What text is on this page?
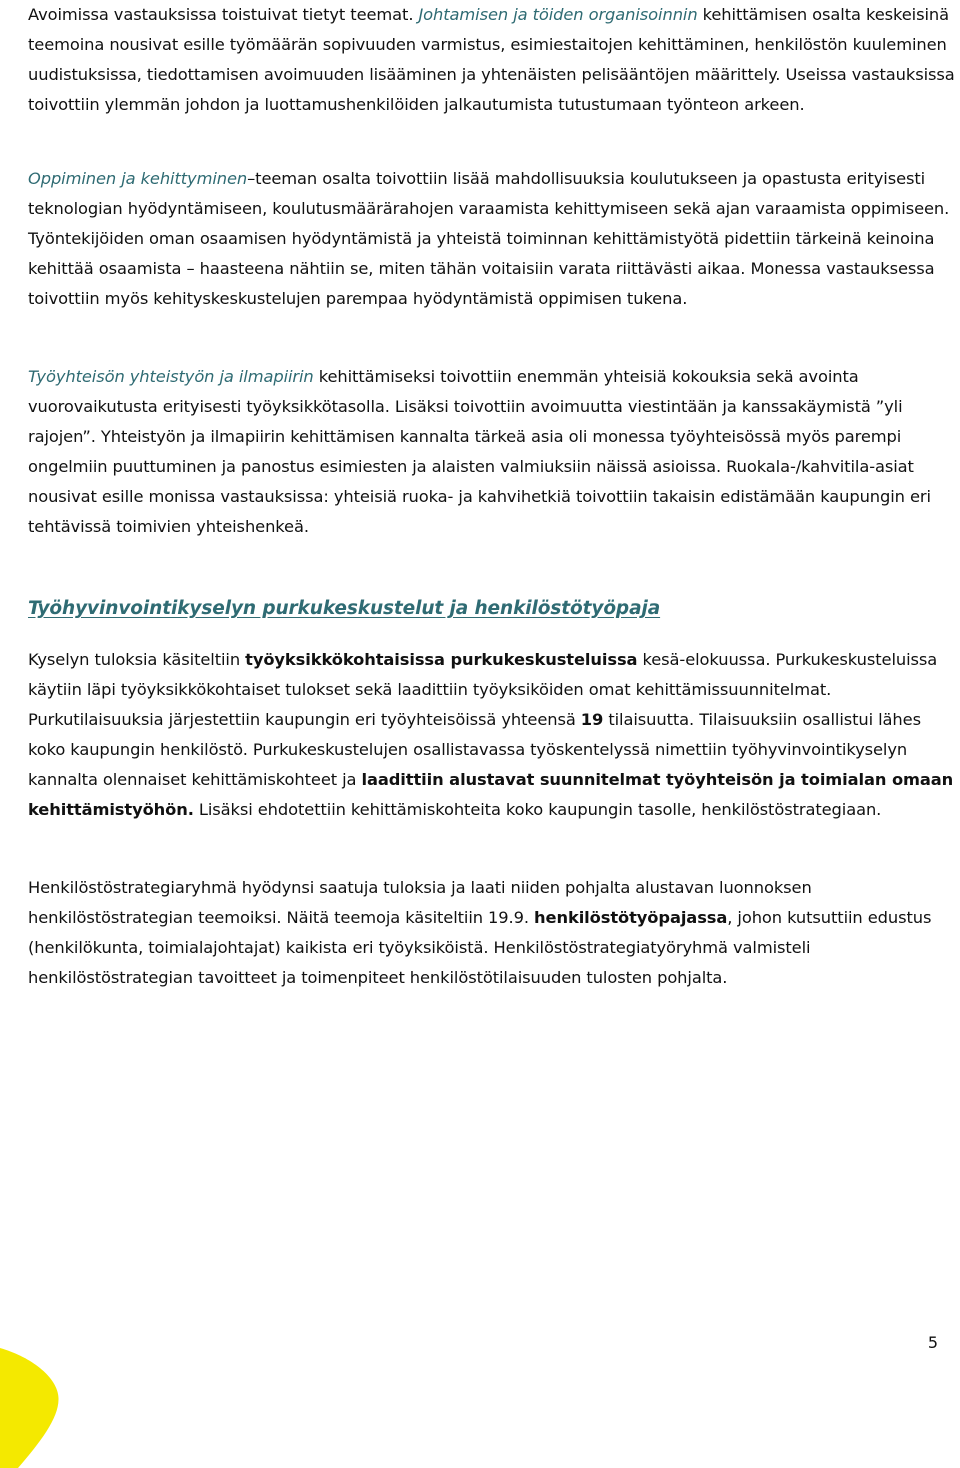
Avoimissa vastauksissa toistuivat tietyt teemat. Johtamisen ja töiden organisoinnin kehittämisen osalta keskeisinä teemoina nousivat esille työmäärän sopivuuden varmistus, esimiestaitojen kehittäminen, henkilöstön kuuleminen uudistuksissa, tiedottamisen avoimuuden lisääminen ja yhtenäisten pelisääntöjen määrittely. Useissa vastauksissa toivottiin ylemmän johdon ja luottamushenkilöiden jalkautumista tutustumaan työnteon arkeen.

Oppiminen ja kehittyminen–teeman osalta toivottiin lisää mahdollisuuksia koulutukseen ja opastusta erityisesti teknologian hyödyntämiseen, koulutusmäärärahojen varaamista kehittymiseen sekä ajan varaamista oppimiseen. Työntekijöiden oman osaamisen hyödyntämistä ja yhteistä toiminnan kehittämistyötä pidettiin tärkeinä keinoina kehittää osaamista – haasteena nähtiin se, miten tähän voitaisiin varata riittävästi aikaa. Monessa vastauksessa toivottiin myös kehityskeskustelujen parempaa hyödyntämistä oppimisen tukena.

Työyhteisön yhteistyön ja ilmapiirin kehittämiseksi toivottiin enemmän yhteisiä kokouksia sekä avointa vuorovaikutusta erityisesti työyksikkötasolla. Lisäksi toivottiin avoimuutta viestintään ja kanssakäymistä ”yli rajojen”. Yhteistyön ja ilmapiirin kehittämisen kannalta tärkeä asia oli monessa työyhteisössä myös parempi ongelmiin puuttuminen ja panostus esimiesten ja alaisten valmiuksiin näissä asioissa. Ruokala-/kahvitila-asiat nousivat esille monissa vastauksissa: yhteisiä ruoka- ja kahvihetkiä toivottiin takaisin edistämään kaupungin eri tehtävissä toimivien yhteishenkeä.

Työhyvinvointikyselyn purkukeskustelut ja henkilöstötyöpaja

Kyselyn tuloksia käsiteltiin työyksikkökohtaisissa purkukeskusteluissa kesä-elokuussa. Purkukeskusteluissa käytiin läpi työyksikkökohtaiset tulokset sekä laadittiin työyksiköiden omat kehittämissuunnitelmat. Purkutilaisuuksia järjestettiin kaupungin eri työyhteisöissä yhteensä 19 tilaisuutta. Tilaisuuksiin osallistui lähes koko kaupungin henkilöstö. Purkukeskustelujen osallistavassa työskentelyssä nimettiin työhyvinvointikyselyn kannalta olennaiset kehittämiskohteet ja laadittiin alustavat suunnitelmat työyhteisön ja toimialan omaan kehittämistyöhön. Lisäksi ehdotettiin kehittämiskohteita koko kaupungin tasolle, henkilöstöstrategiaan.

Henkilöstöstrategiaryhmä hyödynsi saatuja tuloksia ja laati niiden pohjalta alustavan luonnoksen henkilöstöstrategian teemoiksi. Näitä teemoja käsiteltiin 19.9. henkilöstötyöpajassa, johon kutsuttiin edustus (henkilökunta, toimialajohtajat) kaikista eri työyksiköistä. Henkilöstöstrategiatyöryhmä valmisteli henkilöstöstrategian tavoitteet ja toimenpiteet henkilöstötilaisuuden tulosten pohjalta.

5
